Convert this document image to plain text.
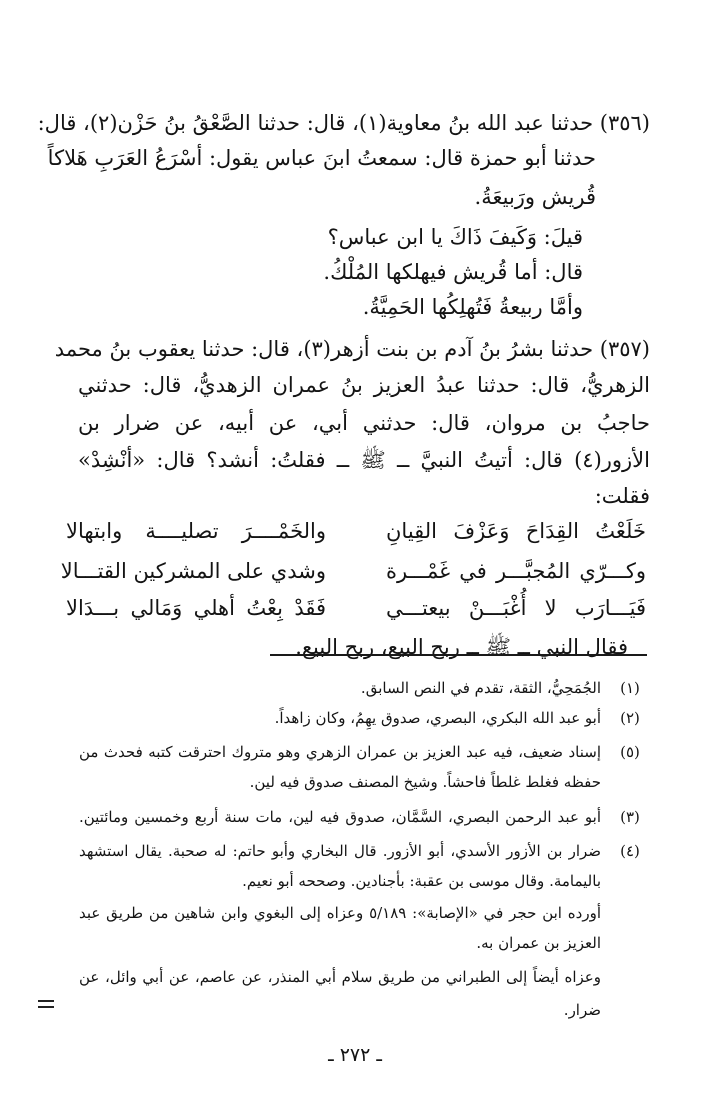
(٣٥٦) حدثنا عبد الله بنُ معاوية(١)، قال: حدثنا الصَّعْقُ بنُ حَزْن(٢)، قال:
حدثنا أبو حمزة قال: سمعتُ ابنَ عباس يقول: أسْرَعُ العَرَبِ هَلاكاً
قُريش ورَبيعَةُ.
قيلَ: وَكَيفَ ذَاكَ يا ابن عباس؟
قال: أما قُريش فيهلكها المُلْكُ.
وأمَّا ربيعةُ فَتُهلِكُها الحَمِيَّةُ.
(٣٥٧) حدثنا بشرُ بنُ آدم بن بنت أزهر(٣)، قال: حدثنا يعقوب بنُ محمد
الزهريُّ، قال: حدثنا عبدُ العزيز بنُ عمران الزهديُّ، قال: حدثني
حاجبُ بن مروان، قال: حدثني أبي، عن أبيه، عن ضرار بن
الأزور(٤) قال: أتيتُ النبيَّ ــ ﷺ ــ فقلتُ: أنشد؟ قال: «أنْشِدْ»
فقلت:
خَلَعْتُ القِدَاحَ وَعَزْفَ القِيانِ
والخَمْــــرَ تصليــــة وابتهالا
وكـــرّي المُجبَّـــر في غَمْـــرة
وشدي على المشركين القتـــالا
فَيَـــارَب لا أُغْبَـــنْ بيعتـــي
فَقَدْ بِعْتُ أهلي وَمَالي بـــدَالا
فقال النبي ــ ﷺ ــ ربح البيع، ربح البيع.
(١)
الجُمَحِيُّ، الثقة، تقدم في النص السابق.
(٢)
أبو عبد الله البكري، البصري، صدوق يهِمُ، وكان زاهداً.
(٥)
إسناد ضعيف، فيه عبد العزيز بن عمران الزهري وهو متروك احترقت كتبه فحدث من
حفظه فغلط غلطاً فاحشاً. وشيخ المصنف صدوق فيه لين.
(٣)
أبو عبد الرحمن البصري، السَّمَّان، صدوق فيه لين، مات سنة أربع وخمسين ومائتين.
(٤)
ضرار بن الأزور الأسدي، أبو الأزور. قال البخاري وأبو حاتم: له صحبة. يقال استشهد
باليمامة. وقال موسى بن عقبة: بأجنادين. وصححه أبو نعيم.
أورده ابن حجر في «الإصابة»: ٥/١٨٩ وعزاه إلى البغوي وابن شاهين من طريق عبد
العزيز بن عمران به.
وعزاه أيضاً إلى الطبراني من طريق سلام أبي المنذر، عن عاصم، عن أبي وائل، عن
ضرار.
ـ ٢٧٢ ـ
